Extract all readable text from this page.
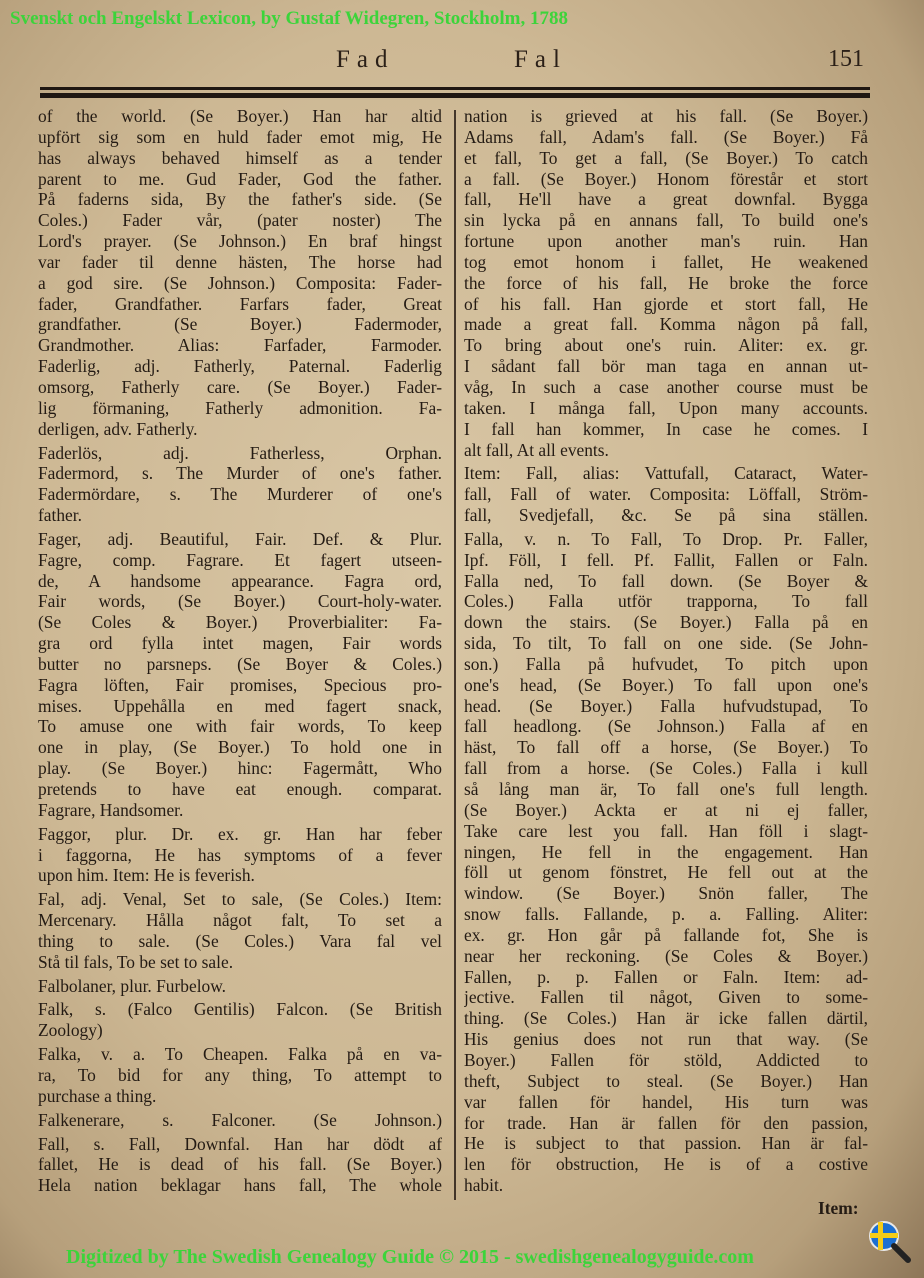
Svenskt och Engelskt Lexicon, by Gustaf Widegren, Stockholm, 1788
Fad	Fal	151
of the world. (Se Boyer.) Han har altid
upfört sig som en huld fader emot mig, He
has always behaved himself as a tender
parent to me. Gud Fader, God the father.
På faderns sida, By the father's side. (Se
Coles.) Fader vår, (pater noster) The
Lord's prayer. (Se Johnson.) En braf hingst
var fader til denne hästen, The horse had
a god sire. (Se Johnson.) Composita: Fader-
fader, Grandfather. Farfars fader, Great
grandfather. (Se Boyer.) Fadermoder,
Grandmother. Alias: Farfader, Farmoder.
Faderlig, adj. Fatherly, Paternal. Faderlig
omsorg, Fatherly care. (Se Boyer.) Fader-
lig förmaning, Fatherly admonition. Fa-
derligen, adv. Fatherly.
Faderlös, adj. Fatherless, Orphan.
Fadermord, s. The Murder of one's father.
Fadermördare, s. The Murderer of one's
father.
Fager, adj. Beautiful, Fair. Def. & Plur.
Fagre, comp. Fagrare. Et fagert utseen-
de, A handsome appearance. Fagra ord,
Fair words, (Se Boyer.) Court-holy-water.
(Se Coles & Boyer.) Proverbialiter: Fa-
gra ord fylla intet magen, Fair words
butter no parsneps. (Se Boyer & Coles.)
Fagra löften, Fair promises, Specious pro-
mises. Uppehålla en med fagert snack,
To amuse one with fair words, To keep
one in play, (Se Boyer.) To hold one in
play. (Se Boyer.) hinc: Fagermått, Who
pretends to have eat enough. comparat.
Fagrare, Handsomer.
Faggor, plur. Dr. ex. gr. Han har feber
i faggorna, He has symptoms of a fever
upon him. Item: He is feverish.
Fal, adj. Venal, Set to sale, (Se Coles.) Item:
Mercenary. Hålla något falt, To set a
thing to sale. (Se Coles.) Vara fal vel
Stå til fals, To be set to sale.
Falbolaner, plur. Furbelow.
Falk, s. (Falco Gentilis) Falcon. (Se British
Zoology)
Falka, v. a. To Cheapen. Falka på en va-
ra, To bid for any thing, To attempt to
purchase a thing.
Falkenerare, s. Falconer. (Se Johnson.)
Fall, s. Fall, Downfal. Han har dödt af
fallet, He is dead of his fall. (Se Boyer.)
Hela nation beklagar hans fall, The whole
nation is grieved at his fall. (Se Boyer.)
Adams fall, Adam's fall. (Se Boyer.) Få
et fall, To get a fall, (Se Boyer.) To catch
a fall. (Se Boyer.) Honom förestår et stort
fall, He'll have a great downfal. Bygga
sin lycka på en annans fall, To build one's
fortune upon another man's ruin. Han
tog emot honom i fallet, He weakened
the force of his fall, He broke the force
of his fall. Han gjorde et stort fall, He
made a great fall. Komma någon på fall,
To bring about one's ruin. Aliter: ex. gr.
I sådant fall bör man taga en annan ut-
våg, In such a case another course must be
taken. I många fall, Upon many accounts.
I fall han kommer, In case he comes. I
alt fall, At all events.
Item: Fall, alias: Vattufall, Cataract, Water-
fall, Fall of water. Composita: Löffall, Ström-
fall, Svedjefall, &c. Se på sina ställen.
Falla, v. n. To Fall, To Drop. Pr. Faller,
Ipf. Föll, I fell. Pf. Fallit, Fallen or Faln.
Falla ned, To fall down. (Se Boyer &
Coles.) Falla utför trapporna, To fall
down the stairs. (Se Boyer.) Falla på en
sida, To tilt, To fall on one side. (Se John-
son.) Falla på hufvudet, To pitch upon
one's head, (Se Boyer.) To fall upon one's
head. (Se Boyer.) Falla hufvudstupad, To
fall headlong. (Se Johnson.) Falla af en
häst, To fall off a horse, (Se Boyer.) To
fall from a horse. (Se Coles.) Falla i kull
så lång man är, To fall one's full length.
(Se Boyer.) Ackta er at ni ej faller,
Take care lest you fall. Han föll i slagt-
ningen, He fell in the engagement. Han
föll ut genom fönstret, He fell out at the
window. (Se Boyer.) Snön faller, The
snow falls. Fallande, p. a. Falling. Aliter:
ex. gr. Hon går på fallande fot, She is
near her reckoning. (Se Coles & Boyer.)
Fallen, p. p. Fallen or Faln. Item: ad-
jective. Fallen til något, Given to some-
thing. (Se Coles.) Han är icke fallen därtil,
His genius does not run that way. (Se
Boyer.) Fallen för stöld, Addicted to
theft, Subject to steal. (Se Boyer.) Han
var fallen för handel, His turn was
for trade. Han är fallen för den passion,
He is subject to that passion. Han är fal-
len för obstruction, He is of a costive
habit.
Item:
Digitized by The Swedish Genealogy Guide © 2015 - swedishgenealogyguide.com
